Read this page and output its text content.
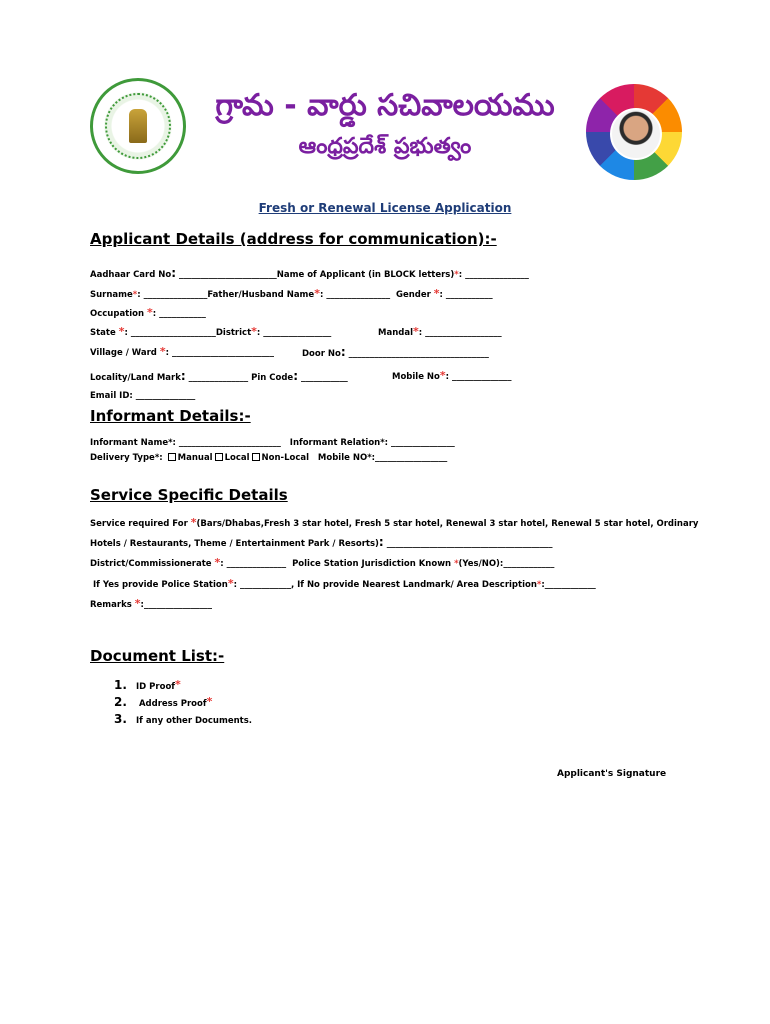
గ్రామ - వార్డు సచివాలయము
ఆంధ్రప్రదేశ్ ప్రభుత్వం
Fresh or Renewal License Application
Applicant Details (address for communication):-
Aadhaar Card No: _______________________Name of Applicant (in BLOCK letters)*: _______________
Surname*: _______________Father/Husband Name*: _______________ Gender *: ___________
Occupation *: ___________
State *: ____________________District*: ________________	Mandal*: __________________
Village / Ward *: ________________________	Door No: _________________________________
Locality/Land Mark: ______________ Pin Code: ___________	Mobile No*: ______________
Email ID: ______________
Informant Details:-
Informant Name*: ________________________ Informant Relation*: _______________
Delivery Type*: Manual Local Non-Local Mobile NO*:_________________
Service Specific Details
Service required For *(Bars/Dhabas,Fresh 3 star hotel, Fresh 5 star hotel, Renewal 3 star hotel, Renewal 5 star hotel, Ordinary
Hotels / Restaurants, Theme / Entertainment Park / Resorts): _______________________________________
District/Commissionerate *: ______________ Police Station Jurisdiction Known *(Yes/NO):____________
If Yes provide Police Station*: ____________, If No provide Nearest Landmark/ Area Description*:____________
Remarks *:________________
Document List:-
1. ID Proof*
2. Address Proof*
3. If any other Documents.
Applicant's Signature
